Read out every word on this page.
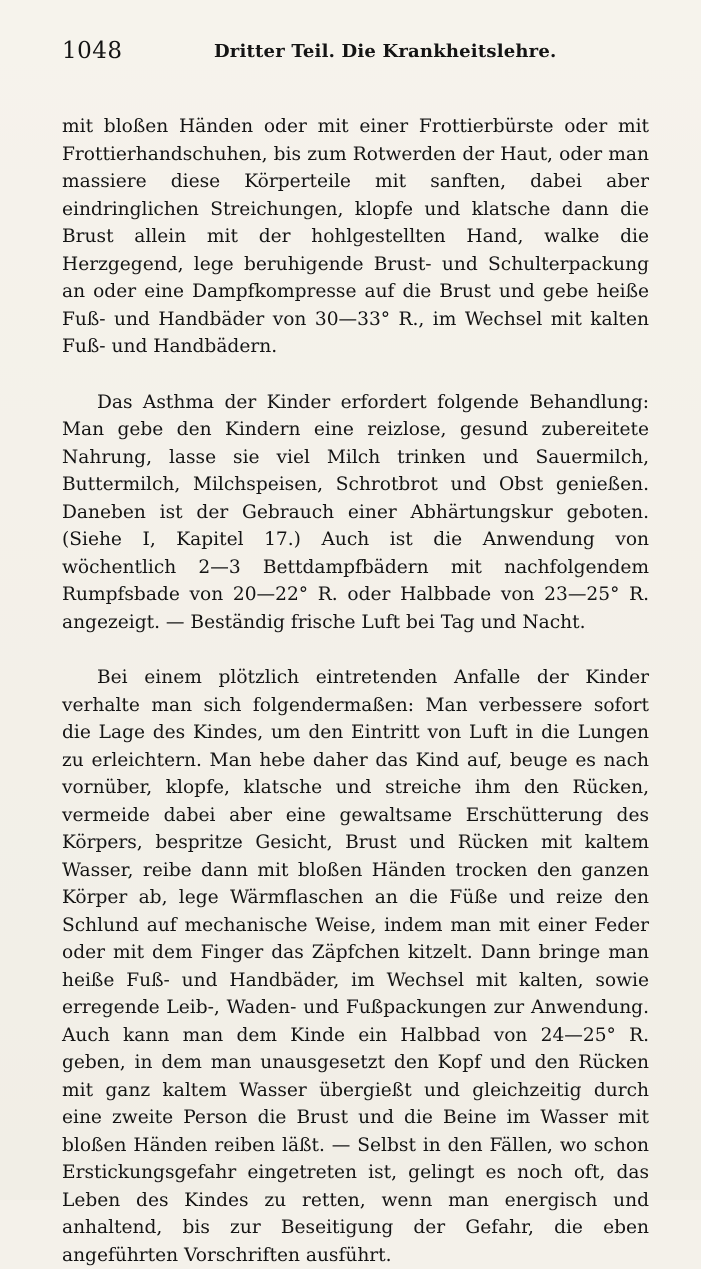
1048	Dritter Teil. Die Krankheitslehre.

mit bloßen Händen oder mit einer Frottierbürste oder mit Frottierhandschuhen, bis zum Rotwerden der Haut, oder man massiere diese Körperteile mit sanften, dabei aber eindringlichen Streichungen, klopfe und klatsche dann die Brust allein mit der hohlgestellten Hand, walke die Herzgegend, lege beruhigende Brust- und Schulterpackung an oder eine Dampfkompresse auf die Brust und gebe heiße Fuß- und Handbäder von 30—33° R., im Wechsel mit kalten Fuß- und Handbädern.

Das Asthma der Kinder erfordert folgende Behandlung: Man gebe den Kindern eine reizlose, gesund zubereitete Nahrung, lasse sie viel Milch trinken und Sauermilch, Buttermilch, Milchspeisen, Schrotbrot und Obst genießen. Daneben ist der Gebrauch einer Abhärtungskur geboten. (Siehe I, Kapitel 17.) Auch ist die Anwendung von wöchentlich 2—3 Bettdampfbädern mit nachfolgendem Rumpfsbade von 20—22° R. oder Halbbade von 23—25° R. angezeigt. — Beständig frische Luft bei Tag und Nacht.

Bei einem plötzlich eintretenden Anfalle der Kinder verhalte man sich folgendermaßen: Man verbessere sofort die Lage des Kindes, um den Eintritt von Luft in die Lungen zu erleichtern. Man hebe daher das Kind auf, beuge es nach vornüber, klopfe, klatsche und streiche ihm den Rücken, vermeide dabei aber eine gewaltsame Erschütterung des Körpers, bespritze Gesicht, Brust und Rücken mit kaltem Wasser, reibe dann mit bloßen Händen trocken den ganzen Körper ab, lege Wärmflaschen an die Füße und reize den Schlund auf mechanische Weise, indem man mit einer Feder oder mit dem Finger das Zäpfchen kitzelt. Dann bringe man heiße Fuß- und Handbäder, im Wechsel mit kalten, sowie erregende Leib-, Waden- und Fußpackungen zur Anwendung. Auch kann man dem Kinde ein Halbbad von 24—25° R. geben, in dem man unausgesetzt den Kopf und den Rücken mit ganz kaltem Wasser übergießt und gleichzeitig durch eine zweite Person die Brust und die Beine im Wasser mit bloßen Händen reiben läßt. — Selbst in den Fällen, wo schon Erstickungsgefahr eingetreten ist, gelingt es noch oft, das Leben des Kindes zu retten, wenn man energisch und anhaltend, bis zur Beseitigung der Gefahr, die eben angeführten Vorschriften ausführt.
